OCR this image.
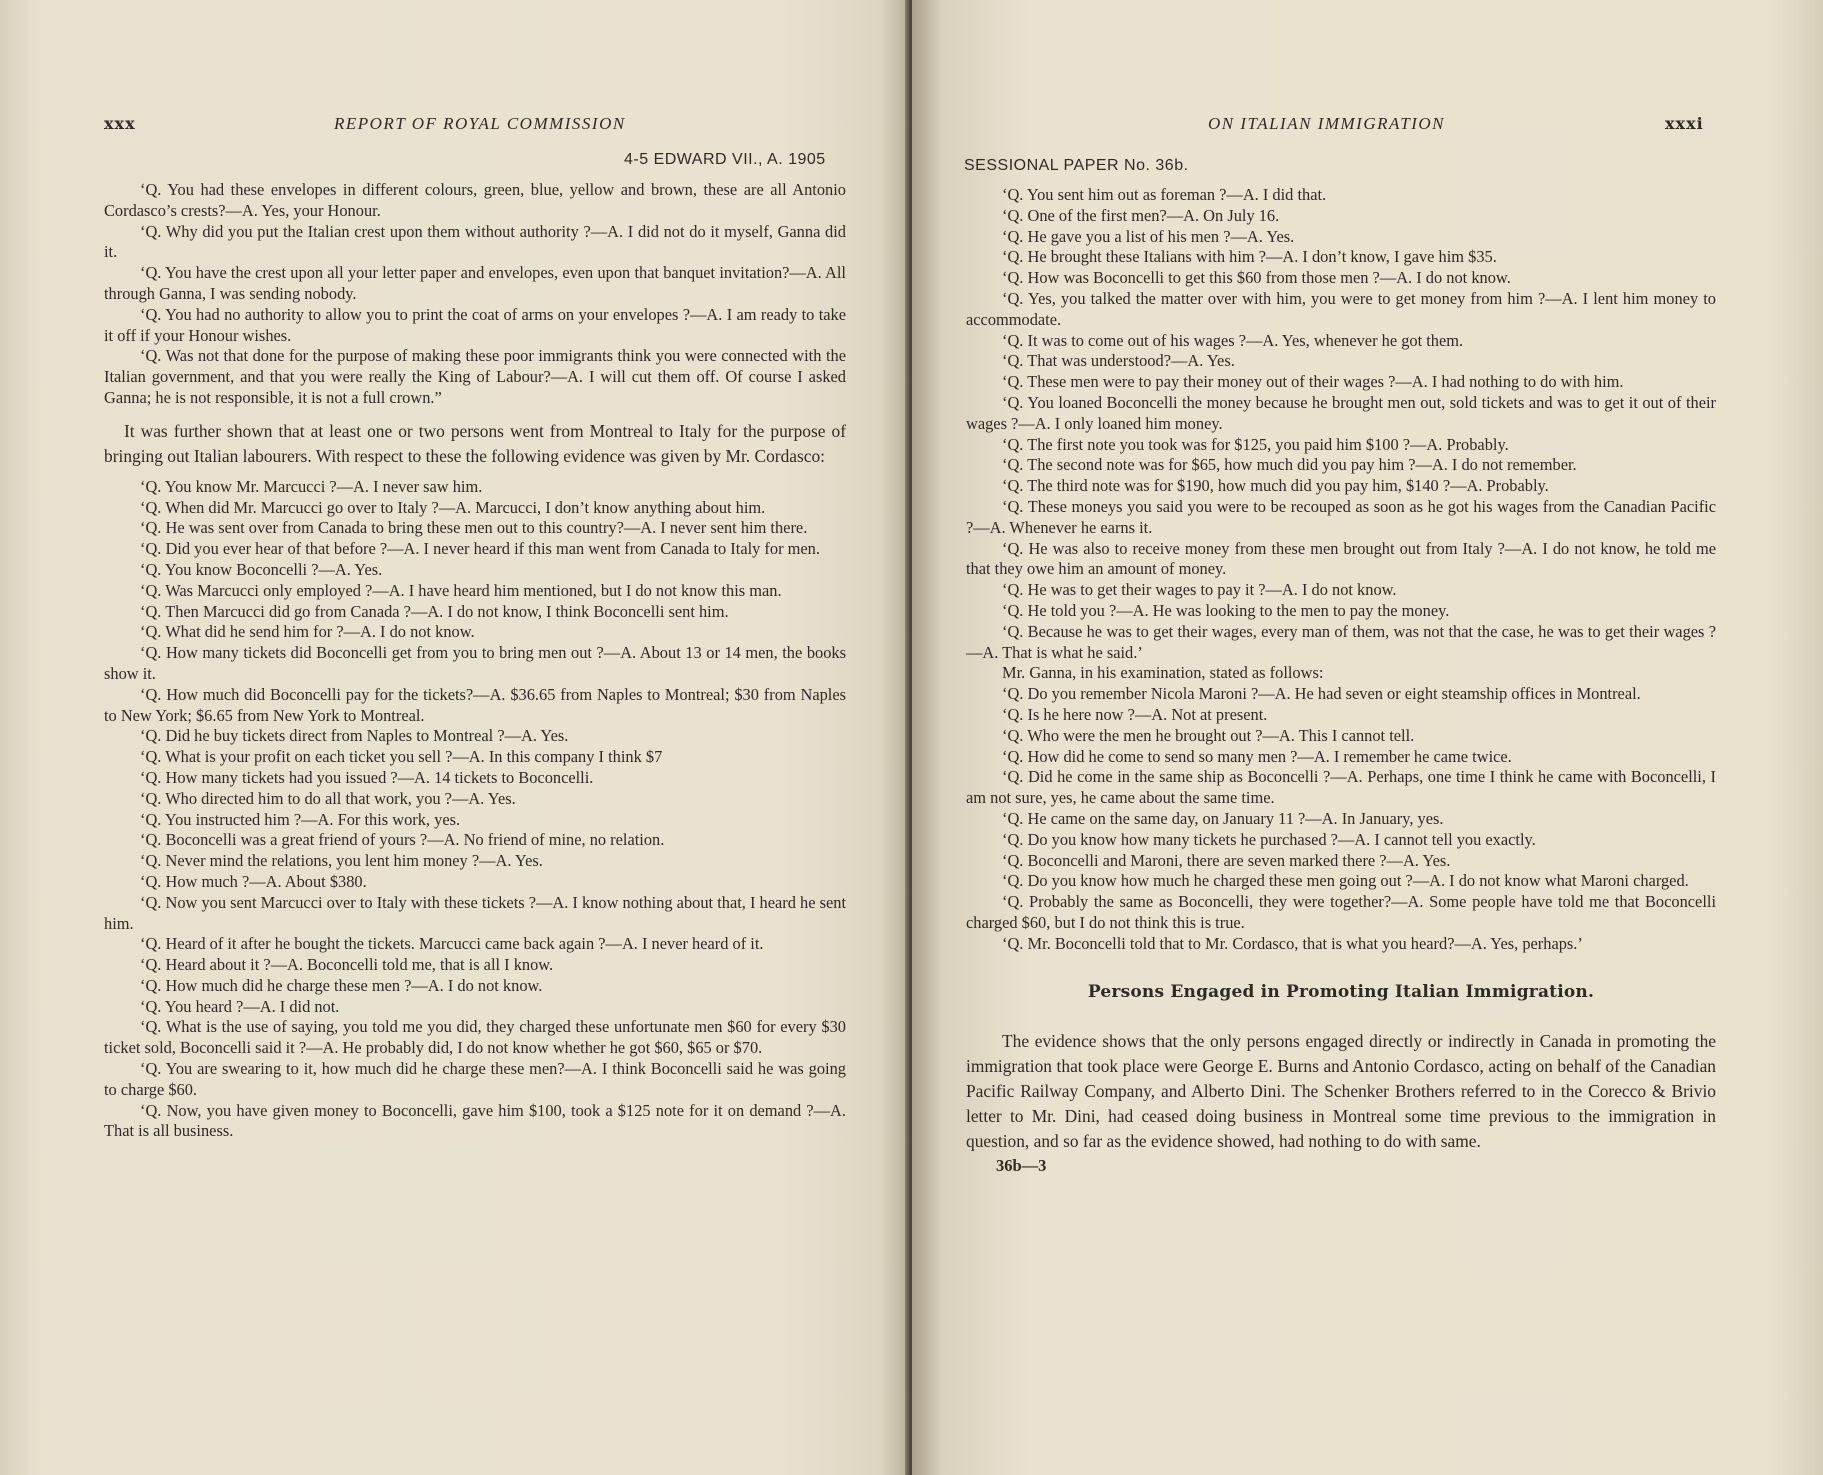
xxx	REPORT OF ROYAL COMMISSION
4-5 EDWARD VII., A. 1905

‘Q. You had these envelopes in different colours, green, blue, yellow and brown, these are all Antonio Cordasco’s crests?—A. Yes, your Honour.

‘Q. Why did you put the Italian crest upon them without authority ?—A. I did not do it myself, Ganna did it.

‘Q. You have the crest upon all your letter paper and envelopes, even upon that banquet invitation?—A. All through Ganna, I was sending nobody.

‘Q. You had no authority to allow you to print the coat of arms on your envelopes ?—A. I am ready to take it off if your Honour wishes.

‘Q. Was not that done for the purpose of making these poor immigrants think you were connected with the Italian government, and that you were really the King of Labour?—A. I will cut them off. Of course I asked Ganna; he is not responsible, it is not a full crown.”

It was further shown that at least one or two persons went from Montreal to Italy for the purpose of bringing out Italian labourers. With respect to these the following evidence was given by Mr. Cordasco:

‘Q. You know Mr. Marcucci ?—A. I never saw him.

‘Q. When did Mr. Marcucci go over to Italy ?—A. Marcucci, I don’t know anything about him.

‘Q. He was sent over from Canada to bring these men out to this country?—A. I never sent him there.

‘Q. Did you ever hear of that before ?—A. I never heard if this man went from Canada to Italy for men.

‘Q. You know Boconcelli ?—A. Yes.

‘Q. Was Marcucci only employed ?—A. I have heard him mentioned, but I do not know this man.

‘Q. Then Marcucci did go from Canada ?—A. I do not know, I think Boconcelli sent him.

‘Q. What did he send him for ?—A. I do not know.

‘Q. How many tickets did Boconcelli get from you to bring men out ?—A. About 13 or 14 men, the books show it.

‘Q. How much did Boconcelli pay for the tickets?—A. $36.65 from Naples to Montreal; $30 from Naples to New York; $6.65 from New York to Montreal.

‘Q. Did he buy tickets direct from Naples to Montreal ?—A. Yes.

‘Q. What is your profit on each ticket you sell ?—A. In this company I think $7

‘Q. How many tickets had you issued ?—A. 14 tickets to Boconcelli.

‘Q. Who directed him to do all that work, you ?—A. Yes.

‘Q. You instructed him ?—A. For this work, yes.

‘Q. Boconcelli was a great friend of yours ?—A. No friend of mine, no relation.

‘Q. Never mind the relations, you lent him money ?—A. Yes.

‘Q. How much ?—A. About $380.

‘Q. Now you sent Marcucci over to Italy with these tickets ?—A. I know nothing about that, I heard he sent him.

‘Q. Heard of it after he bought the tickets. Marcucci came back again ?—A. I never heard of it.

‘Q. Heard about it ?—A. Boconcelli told me, that is all I know.

‘Q. How much did he charge these men ?—A. I do not know.

‘Q. You heard ?—A. I did not.

‘Q. What is the use of saying, you told me you did, they charged these unfortunate men $60 for every $30 ticket sold, Boconcelli said it ?—A. He probably did, I do not know whether he got $60, $65 or $70.

‘Q. You are swearing to it, how much did he charge these men?—A. I think Boconcelli said he was going to charge $60.

‘Q. Now, you have given money to Boconcelli, gave him $100, took a $125 note for it on demand ?—A. That is all business.

ON ITALIAN IMMIGRATION	xxxi
SESSIONAL PAPER No. 36b.

‘Q. You sent him out as foreman ?—A. I did that.

‘Q. One of the first men?—A. On July 16.

‘Q. He gave you a list of his men ?—A. Yes.

‘Q. He brought these Italians with him ?—A. I don’t know, I gave him $35.

‘Q. How was Boconcelli to get this $60 from those men ?—A. I do not know.

‘Q. Yes, you talked the matter over with him, you were to get money from him ?—A. I lent him money to accommodate.

‘Q. It was to come out of his wages ?—A. Yes, whenever he got them.

‘Q. That was understood?—A. Yes.

‘Q. These men were to pay their money out of their wages ?—A. I had nothing to do with him.

‘Q. You loaned Boconcelli the money because he brought men out, sold tickets and was to get it out of their wages ?—A. I only loaned him money.

‘Q. The first note you took was for $125, you paid him $100 ?—A. Probably.

‘Q. The second note was for $65, how much did you pay him ?—A. I do not remember.

‘Q. The third note was for $190, how much did you pay him, $140 ?—A. Probably.

‘Q. These moneys you said you were to be recouped as soon as he got his wages from the Canadian Pacific ?—A. Whenever he earns it.

‘Q. He was also to receive money from these men brought out from Italy ?—A. I do not know, he told me that they owe him an amount of money.

‘Q. He was to get their wages to pay it ?—A. I do not know.

‘Q. He told you ?—A. He was looking to the men to pay the money.

‘Q. Because he was to get their wages, every man of them, was not that the case, he was to get their wages ?—A. That is what he said.’

Mr. Ganna, in his examination, stated as follows:

‘Q. Do you remember Nicola Maroni ?—A. He had seven or eight steamship offices in Montreal.

‘Q. Is he here now ?—A. Not at present.

‘Q. Who were the men he brought out ?—A. This I cannot tell.

‘Q. How did he come to send so many men ?—A. I remember he came twice.

‘Q. Did he come in the same ship as Boconcelli ?—A. Perhaps, one time I think he came with Boconcelli, I am not sure, yes, he came about the same time.

‘Q. He came on the same day, on January 11 ?—A. In January, yes.

‘Q. Do you know how many tickets he purchased ?—A. I cannot tell you exactly.

‘Q. Boconcelli and Maroni, there are seven marked there ?—A. Yes.

‘Q. Do you know how much he charged these men going out ?—A. I do not know what Maroni charged.

‘Q. Probably the same as Boconcelli, they were together?—A. Some people have told me that Boconcelli charged $60, but I do not think this is true.

‘Q. Mr. Boconcelli told that to Mr. Cordasco, that is what you heard?—A. Yes, perhaps.’

Persons Engaged in Promoting Italian Immigration.

The evidence shows that the only persons engaged directly or indirectly in Canada in promoting the immigration that took place were George E. Burns and Antonio Cordasco, acting on behalf of the Canadian Pacific Railway Company, and Alberto Dini. The Schenker Brothers referred to in the Corecco & Brivio letter to Mr. Dini, had ceased doing business in Montreal some time previous to the immigration in question, and so far as the evidence showed, had nothing to do with same.

36b—3
